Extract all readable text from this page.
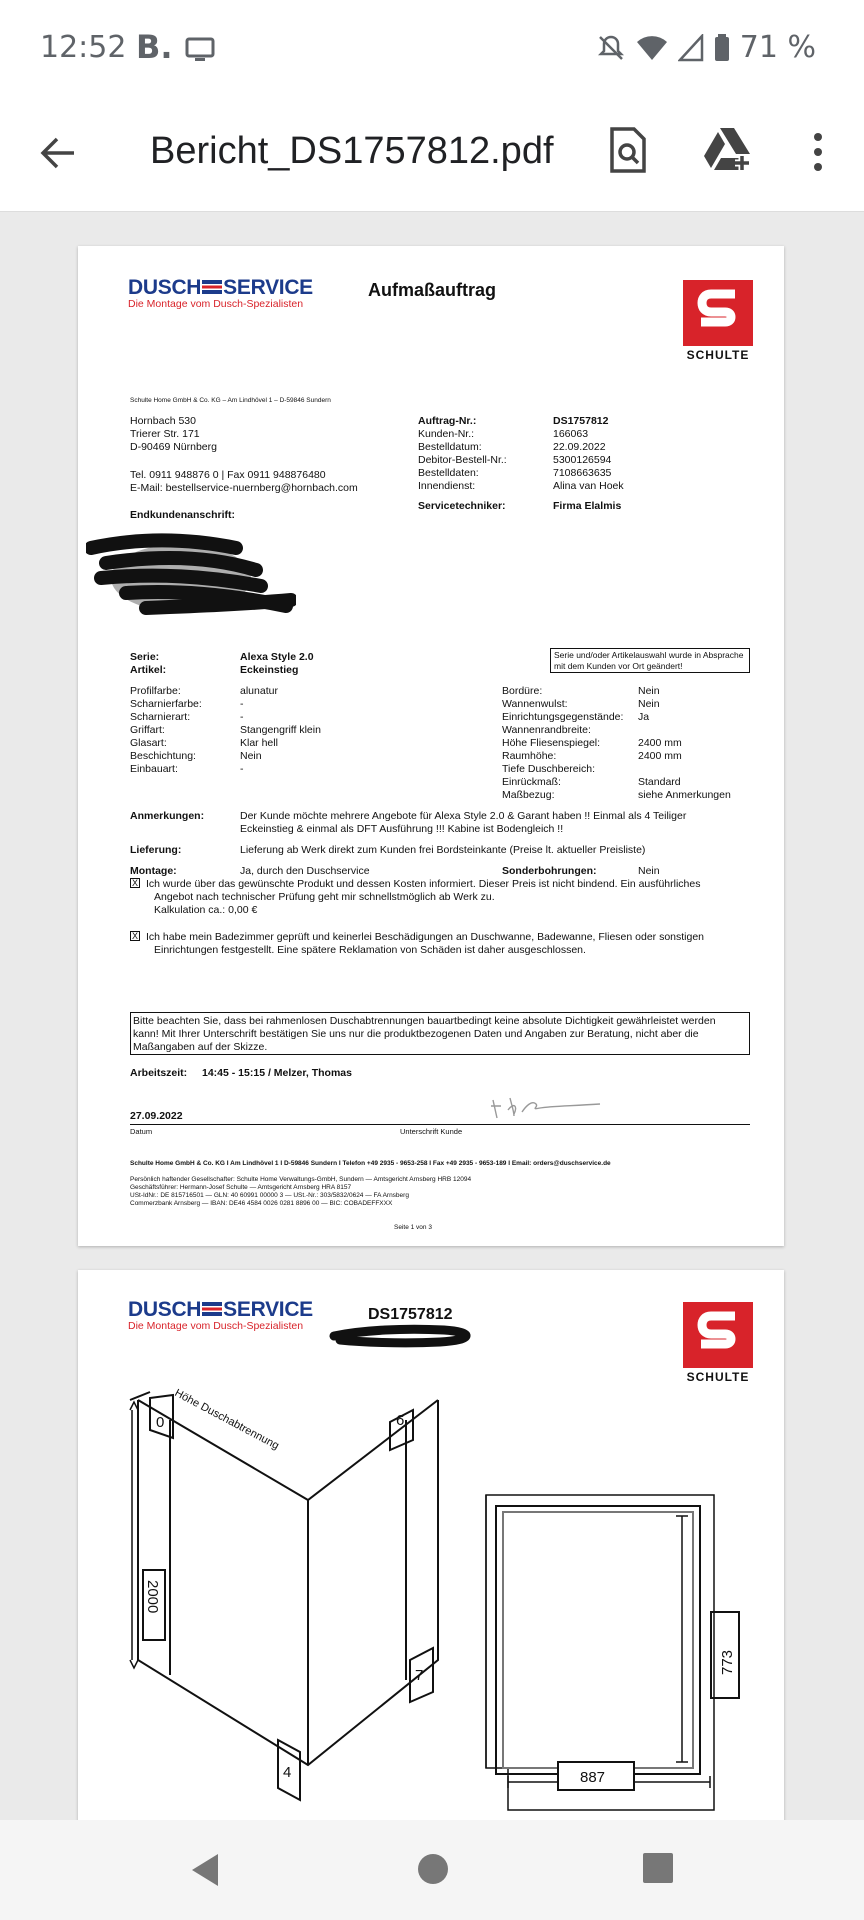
12:52 B.	71 %
Bericht_DS1757812.pdf
DUSCH SERVICE
Die Montage vom Dusch-Spezialisten
Aufmaßauftrag
SCHULTE
Schulte Home GmbH & Co. KG – Am Lindhövel 1 – D-59846 Sundern
Hornbach 530
Trierer Str. 171
D-90469 Nürnberg
Tel. 0911 948876 0 | Fax 0911 948876480
E-Mail: bestellservice-nuernberg@hornbach.com
Endkundenanschrift:
Auftrag-Nr.:	DS1757812
Kunden-Nr.:	166063
Bestelldatum:	22.09.2022
Debitor-Bestell-Nr.:	5300126594
Bestelldaten:	7108663635
Innendienst:	Alina van Hoek
Servicetechniker:	Firma Elalmis
Serie:	Alexa Style 2.0
Artikel:	Eckeinstieg
Serie und/oder Artikelauswahl wurde in Absprache mit dem Kunden vor Ort geändert!
Profilfarbe:	alunatur
Scharnierfarbe:	-
Scharnierart:	-
Griffart:	Stangengriff klein
Glasart:	Klar hell
Beschichtung:	Nein
Einbauart:	-
Bordüre:	Nein
Wannenwulst:	Nein
Einrichtungsgegenstände: Ja
Wannenrandbreite:
Höhe Fliesenspiegel:	2400 mm
Raumhöhe:	2400 mm
Tiefe Duschbereich:
Einrückmaß:	Standard
Maßbezug:	siehe Anmerkungen
Anmerkungen:	Der Kunde möchte mehrere Angebote für Alexa Style 2.0 & Garant haben !! Einmal als 4 Teiliger
Eckeinstieg & einmal als DFT Ausführung !!! Kabine ist Bodengleich !!
Lieferung:	Lieferung ab Werk direkt zum Kunden frei Bordsteinkante (Preise lt. aktueller Preisliste)
Montage:	Ja, durch den Duschservice	Sonderbohrungen:	Nein
X Ich wurde über das gewünschte Produkt und dessen Kosten informiert. Dieser Preis ist nicht bindend. Ein ausführliches
Angebot nach technischer Prüfung geht mir schnellstmöglich ab Werk zu.
Kalkulation ca.: 0,00 €
X Ich habe mein Badezimmer geprüft und keinerlei Beschädigungen an Duschwanne, Badewanne, Fliesen oder sonstigen
Einrichtungen festgestellt. Eine spätere Reklamation von Schäden ist daher ausgeschlossen.
Bitte beachten Sie, dass bei rahmenlosen Duschabtrennungen bauartbedingt keine absolute Dichtigkeit gewährleistet werden
kann! Mit Ihrer Unterschrift bestätigen Sie uns nur die produktbezogenen Daten und Angaben zur Beratung, nicht aber die
Maßangaben auf der Skizze.
Arbeitszeit: 14:45 - 15:15 / Melzer, Thomas
27.09.2022
Datum	Unterschrift Kunde
Schulte Home GmbH & Co. KG I Am Lindhövel 1 I D-59846 Sundern I Telefon +49 2935 - 9653-258 I Fax +49 2935 - 9653-189 I Email: orders@duschservice.de
Persönlich haftender Gesellschafter: Schulte Home Verwaltungs-GmbH, Sundern — Amtsgericht Arnsberg HRB 12094
Geschäftsführer: Hermann-Josef Schulte — Amtsgericht Arnsberg HRA 8157
USt-IdNr.: DE 815716501 — GLN: 40 60991 00000 3 — USt.-Nr.: 303/5832/0624 — FA Arnsberg
Commerzbank Arnsberg — IBAN: DE46 4584 0026 0281 8896 00 — BIC: COBADEFFXXX
Seite 1 von 3
DUSCH SERVICE
Die Montage vom Dusch-Spezialisten
DS1757812
SCHULTE
Höhe Duschabtrennung
0	6
2000
7
4
773
887
